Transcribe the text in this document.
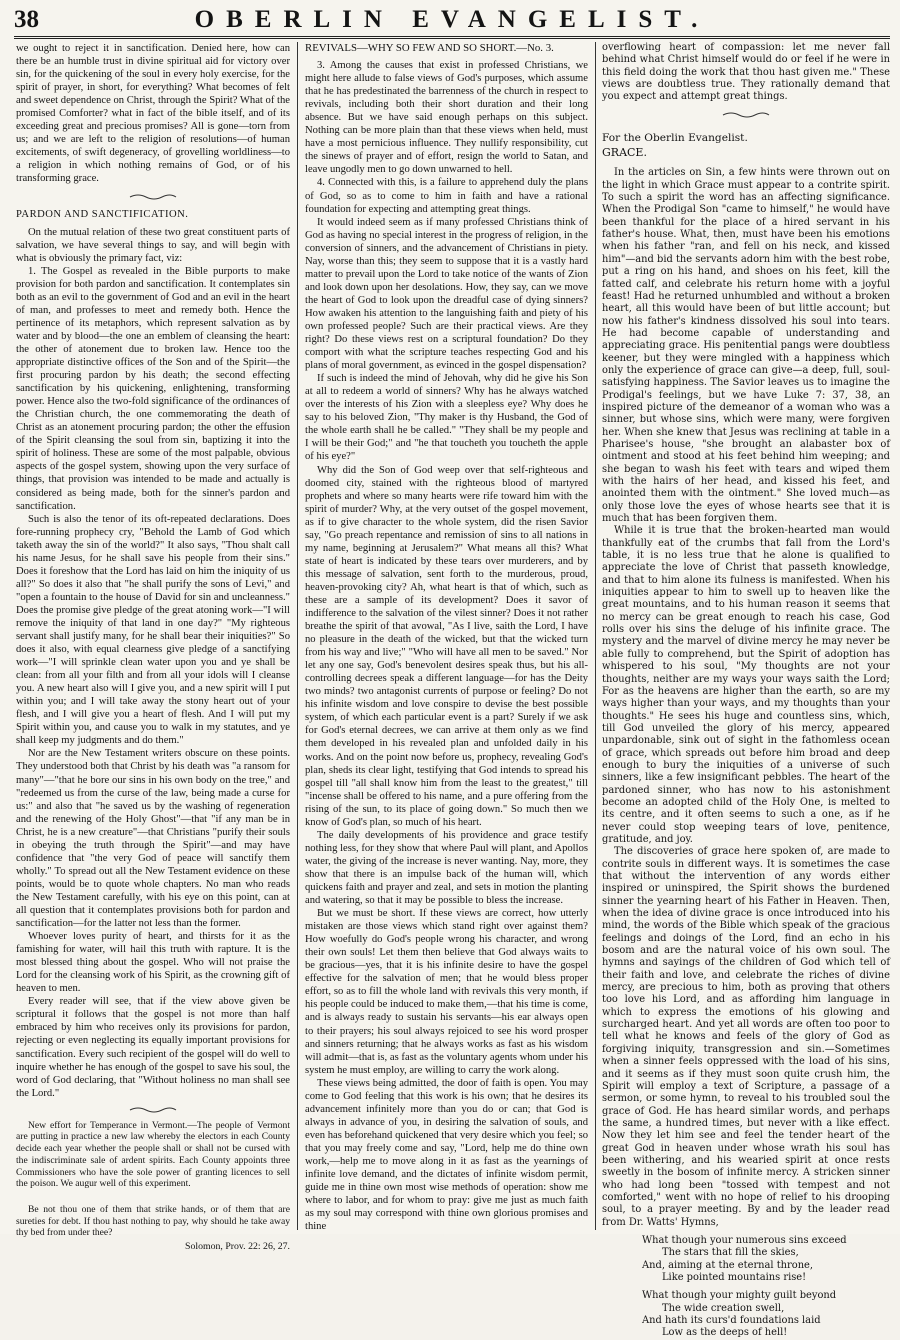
38	OBERLIN EVANGELIST.

we ought to reject it in sanctification. Denied here, how can there be an humble trust in divine spiritual aid for victory over sin, for the quickening of the soul in every holy exercise, for the spirit of prayer, in short, for everything? What becomes of felt and sweet dependence on Christ, through the Spirit? What of the promised Comforter? what in fact of the bible itself, and of its exceeding great and precious promises? All is gone—torn from us; and we are left to the religion of resolutions—of human excitements, of swift degeneracy, of grovelling worldliness—to a religion in which nothing remains of God, or of his transforming grace.

PARDON AND SANCTIFICATION.

On the mutual relation of these two great constituent parts of salvation, we have several things to say, and will begin with what is obviously the primary fact, viz:

1. The Gospel as revealed in the Bible purports to make provision for both pardon and sanctification. It contemplates sin both as an evil to the government of God and an evil in the heart of man, and professes to meet and remedy both. Hence the pertinence of its metaphors, which represent salvation as by water and by blood—the one an emblem of cleansing the heart: the other of atonement due to broken law. Hence too the appropriate distinctive offices of the Son and of the Spirit—the first procuring pardon by his death; the second effecting sanctification by his quickening, enlightening, transforming power. Hence also the two-fold significance of the ordinances of the Christian church, the one commemorating the death of Christ as an atonement procuring pardon; the other the effusion of the Spirit cleansing the soul from sin, baptizing it into the spirit of holiness. These are some of the most palpable, obvious aspects of the gospel system, showing upon the very surface of things, that provision was intended to be made and actually is considered as being made, both for the sinner's pardon and sanctification.

Such is also the tenor of its oft-repeated declarations. Does fore-running prophecy cry, "Behold the Lamb of God which taketh away the sin of the world?" It also says, "Thou shalt call his name Jesus, for he shall save his people from their sins." Does it foreshow that the Lord has laid on him the iniquity of us all?" So does it also that "he shall purify the sons of Levi," and "open a fountain to the house of David for sin and uncleanness." Does the promise give pledge of the great atoning work—"I will remove the iniquity of that land in one day?" "My righteous servant shall justify many, for he shall bear their iniquities?" So does it also, with equal clearness give pledge of a sanctifying work—"I will sprinkle clean water upon you and ye shall be clean: from all your filth and from all your idols will I cleanse you. A new heart also will I give you, and a new spirit will I put within you; and I will take away the stony heart out of your flesh, and I will give you a heart of flesh. And I will put my Spirit within you, and cause you to walk in my statutes, and ye shall keep my judgments and do them."

Nor are the New Testament writers obscure on these points. They understood both that Christ by his death was "a ransom for many"—"that he bore our sins in his own body on the tree," and "redeemed us from the curse of the law, being made a curse for us:" and also that "he saved us by the washing of regeneration and the renewing of the Holy Ghost"—that "if any man be in Christ, he is a new creature"—that Christians "purify their souls in obeying the truth through the Spirit"—and may have confidence that "the very God of peace will sanctify them wholly." To spread out all the New Testament evidence on these points, would be to quote whole chapters. No man who reads the New Testament carefully, with his eye on this point, can at all question that it contemplates provisions both for pardon and sanctification—for the latter not less than the former.

Whoever loves purity of heart, and thirsts for it as the famishing for water, will hail this truth with rapture. It is the most blessed thing about the gospel. Who will not praise the Lord for the cleansing work of his Spirit, as the crowning gift of heaven to men.

Every reader will see, that if the view above given be scriptural it follows that the gospel is not more than half embraced by him who receives only its provisions for pardon, rejecting or even neglecting its equally important provisions for sanctification. Every such recipient of the gospel will do well to inquire whether he has enough of the gospel to save his soul, the word of God declaring, that "Without holiness no man shall see the Lord."

New effort for Temperance in Vermont.—The people of Vermont are putting in practice a new law whereby the electors in each County decide each year whether the people shall or shall not be cursed with the indiscriminate sale of ardent spirits. Each County appoints three Commissioners who have the sole power of granting licences to sell the poison. We augur well of this experiment.

Be not thou one of them that strike hands, or of them that are sureties for debt. If thou hast nothing to pay, why should he take away thy bed from under thee?

Solomon, Prov. 22: 26, 27.

REVIVALS—WHY SO FEW AND SO SHORT.—No. 3.

3. Among the causes that exist in professed Christians, we might here allude to false views of God's purposes, which assume that he has predestinated the barrenness of the church in respect to revivals, including both their short duration and their long absence. But we have said enough perhaps on this subject. Nothing can be more plain than that these views when held, must have a most pernicious influence. They nullify responsibility, cut the sinews of prayer and of effort, resign the world to Satan, and leave ungodly men to go down unwarned to hell.

4. Connected with this, is a failure to apprehend duly the plans of God, so as to come to him in faith and have a rational foundation for expecting and attempting great things.

It would indeed seem as if many professed Christians think of God as having no special interest in the progress of religion, in the conversion of sinners, and the advancement of Christians in piety. Nay, worse than this; they seem to suppose that it is a vastly hard matter to prevail upon the Lord to take notice of the wants of Zion and look down upon her desolations. How, they say, can we move the heart of God to look upon the dreadful case of dying sinners? How awaken his attention to the languishing faith and piety of his own professed people? Such are their practical views. Are they right? Do these views rest on a scriptural foundation? Do they comport with what the scripture teaches respecting God and his plans of moral government, as evinced in the gospel dispensation?

If such is indeed the mind of Jehovah, why did he give his Son at all to redeem a world of sinners? Why has he always watched over the interests of his Zion with a sleepless eye? Why does he say to his beloved Zion, "Thy maker is thy Husband, the God of the whole earth shall he be called." "They shall be my people and I will be their God;" and "he that toucheth you toucheth the apple of his eye?"

Why did the Son of God weep over that self-righteous and doomed city, stained with the righteous blood of martyred prophets and where so many hearts were rife toward him with the spirit of murder? Why, at the very outset of the gospel movement, as if to give character to the whole system, did the risen Savior say, "Go preach repentance and remission of sins to all nations in my name, beginning at Jerusalem?" What means all this? What state of heart is indicated by these tears over murderers, and by this message of salvation, sent forth to the murderous, proud, heaven-provoking city? Ah, what heart is that of which, such as these are a sample of its development? Does it savor of indifference to the salvation of the vilest sinner? Does it not rather breathe the spirit of that avowal, "As I live, saith the Lord, I have no pleasure in the death of the wicked, but that the wicked turn from his way and live;" "Who will have all men to be saved." Nor let any one say, God's benevolent desires speak thus, but his all-controlling decrees speak a different language—for has the Deity two minds? two antagonist currents of purpose or feeling? Do not his infinite wisdom and love conspire to devise the best possible system, of which each particular event is a part? Surely if we ask for God's eternal decrees, we can arrive at them only as we find them developed in his revealed plan and unfolded daily in his works. And on the point now before us, prophecy, revealing God's plan, sheds its clear light, testifying that God intends to spread his gospel till "all shall know him from the least to the greatest," till "incense shall be offered to his name, and a pure offering from the rising of the sun, to its place of going down." So much then we know of God's plan, so much of his heart.

The daily developments of his providence and grace testify nothing less, for they show that where Paul will plant, and Apollos water, the giving of the increase is never wanting. Nay, more, they show that there is an impulse back of the human will, which quickens faith and prayer and zeal, and sets in motion the planting and watering, so that it may be possible to bless the increase.

But we must be short. If these views are correct, how utterly mistaken are those views which stand right over against them? How woefully do God's people wrong his character, and wrong their own souls! Let them then believe that God always waits to be gracious—yes, that it is his infinite desire to have the gospel effective for the salvation of men; that he would bless proper effort, so as to fill the whole land with revivals this very month, if his people could be induced to make them,—that his time is come, and is always ready to sustain his servants—his ear always open to their prayers; his soul always rejoiced to see his word prosper and sinners returning; that he always works as fast as his wisdom will admit—that is, as fast as the voluntary agents whom under his system he must employ, are willing to carry the work along.

These views being admitted, the door of faith is open. You may come to God feeling that this work is his own; that he desires its advancement infinitely more than you do or can; that God is always in advance of you, in desiring the salvation of souls, and even has beforehand quickened that very desire which you feel; so that you may freely come and say, "Lord, help me do thine own work,—help me to move along in it as fast as the yearnings of infinite love demand, and the dictates of infinite wisdom permit, guide me in thine own most wise methods of operation: show me where to labor, and for whom to pray: give me just as much faith as my soul may correspond with thine own glorious promises and thine

overflowing heart of compassion: let me never fall behind what Christ himself would do or feel if he were in this field doing the work that thou hast given me." These views are doubtless true. They rationally demand that you expect and attempt great things.

For the Oberlin Evangelist.

GRACE.

In the articles on Sin, a few hints were thrown out on the light in which Grace must appear to a contrite spirit. To such a spirit the word has an affecting significance. When the Prodigal Son "came to himself," he would have been thankful for the place of a hired servant in his father's house. What, then, must have been his emotions when his father "ran, and fell on his neck, and kissed him"—and bid the servants adorn him with the best robe, put a ring on his hand, and shoes on his feet, kill the fatted calf, and celebrate his return home with a joyful feast! Had he returned unhumbled and without a broken heart, all this would have been of but little account; but now his father's kindness dissolved his soul into tears. He had become capable of understanding and appreciating grace. His penitential pangs were doubtless keener, but they were mingled with a happiness which only the experience of grace can give—a deep, full, soul-satisfying happiness. The Savior leaves us to imagine the Prodigal's feelings, but we have Luke 7: 37, 38, an inspired picture of the demeanor of a woman who was a sinner, but whose sins, which were many, were forgiven her. When she knew that Jesus was reclining at table in a Pharisee's house, "she brought an alabaster box of ointment and stood at his feet behind him weeping; and she began to wash his feet with tears and wiped them with the hairs of her head, and kissed his feet, and anointed them with the ointment." She loved much—as only those love the eyes of whose hearts see that it is much that has been forgiven them.

While it is true that the broken-hearted man would thankfully eat of the crumbs that fall from the Lord's table, it is no less true that he alone is qualified to appreciate the love of Christ that passeth knowledge, and that to him alone its fulness is manifested. When his iniquities appear to him to swell up to heaven like the great mountains, and to his human reason it seems that no mercy can be great enough to reach his case, God rolls over his sins the deluge of his infinite grace. The mystery and the marvel of divine mercy he may never be able fully to comprehend, but the Spirit of adoption has whispered to his soul, "My thoughts are not your thoughts, neither are my ways your ways saith the Lord; For as the heavens are higher than the earth, so are my ways higher than your ways, and my thoughts than your thoughts." He sees his huge and countless sins, which, till God unveiled the glory of his mercy, appeared unpardonable, sink out of sight in the fathomless ocean of grace, which spreads out before him broad and deep enough to bury the iniquities of a universe of such sinners, like a few insignificant pebbles. The heart of the pardoned sinner, who has now to his astonishment become an adopted child of the Holy One, is melted to its centre, and it often seems to such a one, as if he never could stop weeping tears of love, penitence, gratitude, and joy.

The discoveries of grace here spoken of, are made to contrite souls in different ways. It is sometimes the case that without the intervention of any words either inspired or uninspired, the Spirit shows the burdened sinner the yearning heart of his Father in Heaven. Then, when the idea of divine grace is once introduced into his mind, the words of the Bible which speak of the gracious feelings and doings of the Lord, find an echo in his bosom and are the natural voice of his own soul. The hymns and sayings of the children of God which tell of their faith and love, and celebrate the riches of divine mercy, are precious to him, both as proving that others too love his Lord, and as affording him language in which to express the emotions of his glowing and surcharged heart. And yet all words are often too poor to tell what he knows and feels of the glory of God as forgiving iniquity, transgression and sin.—Sometimes when a sinner feels oppressed with the load of his sins, and it seems as if they must soon quite crush him, the Spirit will employ a text of Scripture, a passage of a sermon, or some hymn, to reveal to his troubled soul the grace of God. He has heard similar words, and perhaps the same, a hundred times, but never with a like effect. Now they let him see and feel the tender heart of the great God in heaven under whose wrath his soul has been withering, and his wearied spirit at once rests sweetly in the bosom of infinite mercy. A stricken sinner who had long been "tossed with tempest and not comforted," went with no hope of relief to his drooping soul, to a prayer meeting. By and by the leader read from Dr. Watts' Hymns,

What though your numerous sins exceed

The stars that fill the skies,

And, aiming at the eternal throne,

Like pointed mountains rise!

What though your mighty guilt beyond

The wide creation swell,

And hath its curs'd foundations laid

Low as the deeps of hell!
